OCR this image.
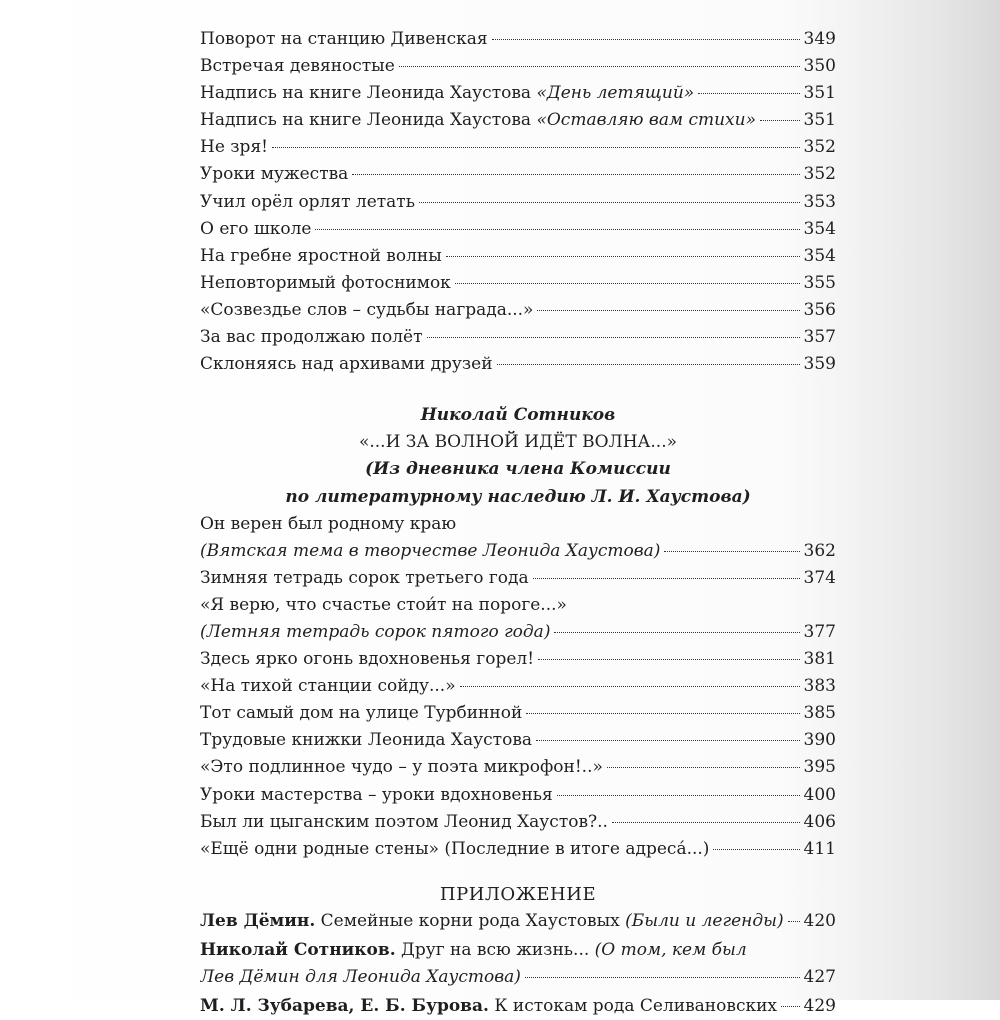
Поворот на станцию Дивенская	349
Встречая девяностые	350
Надпись на книге Леонида Хаустова «День летящий»	351
Надпись на книге Леонида Хаустова «Оставляю вам стихи»	351
Не зря!	352
Уроки мужества	352
Учил орёл орлят летать	353
О его школе	354
На гребне яростной волны	354
Неповторимый фотоснимок	355
«Созвездье слов – судьбы награда...»	356
За вас продолжаю полёт	357
Склоняясь над архивами друзей	359
Николай Сотников
«...И ЗА ВОЛНОЙ ИДЁТ ВОЛНА...»
(Из дневника члена Комиссии
по литературному наследию Л. И. Хаустова)
Он верен был родному краю
(Вятская тема в творчестве Леонида Хаустова)	362
Зимняя тетрадь сорок третьего года	374
«Я верю, что счастье стои́т на пороге...»
(Летняя тетрадь сорок пятого года)	377
Здесь ярко огонь вдохновенья горел!	381
«На тихой станции сойду...»	383
Тот самый дом на улице Турбинной	385
Трудовые книжки Леонида Хаустова	390
«Это подлинное чудо – у поэта микрофон!..»	395
Уроки мастерства – уроки вдохновенья	400
Был ли цыганским поэтом Леонид Хаустов?..	406
«Ещё одни родные стены» (Последние в итоге адреса́...)	411
ПРИЛОЖЕНИЕ
Лев Дёмин. Семейные корни рода Хаустовых (Были и легенды) 420
Николай Сотников. Друг на всю жизнь... (О том, кем был
Лев Дёмин для Леонида Хаустова)	427
М. Л. Зубарева, Е. Б. Бурова. К истокам рода Селивановских 429
